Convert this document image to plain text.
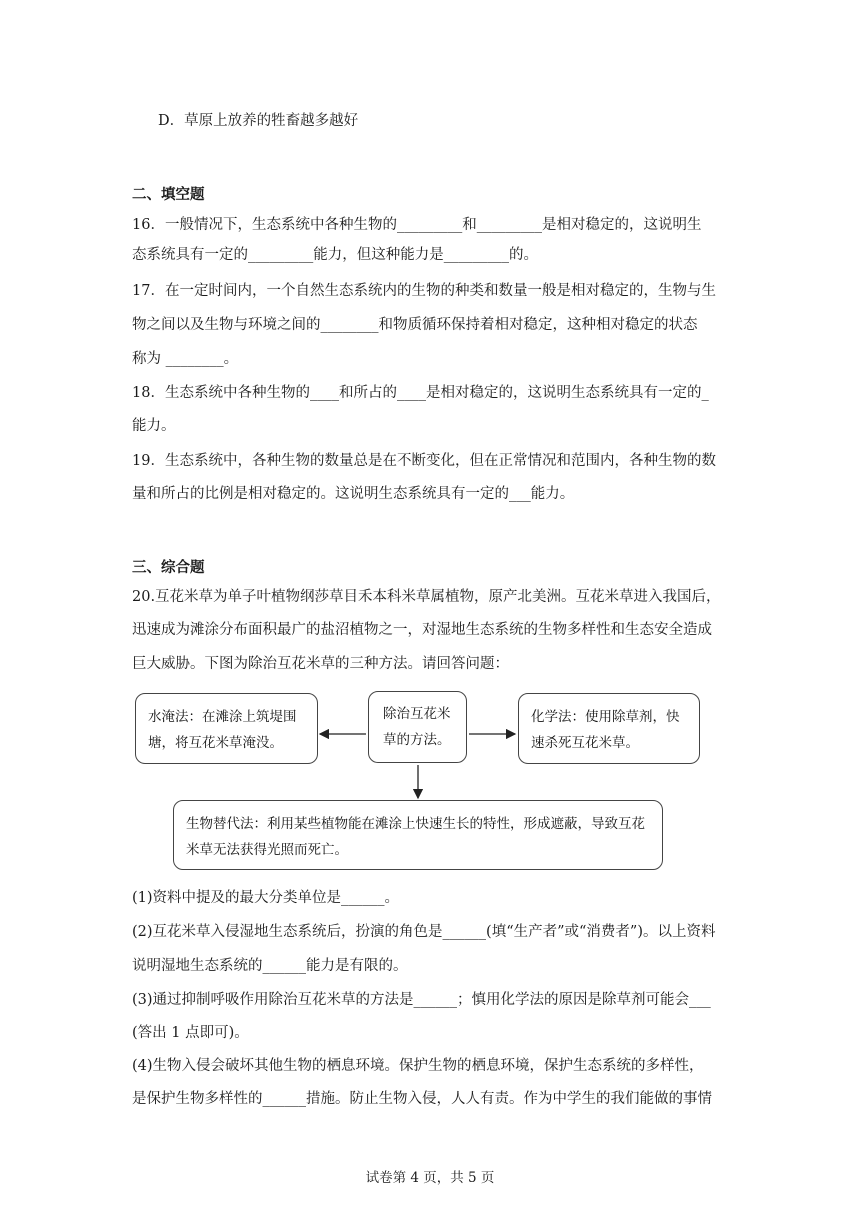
D．草原上放养的牲畜越多越好
二、填空题
16．一般情况下，生态系统中各种生物的_________和_________是相对稳定的，这说明生
态系统具有一定的_________能力，但这种能力是_________的。
17．在一定时间内，一个自然生态系统内的生物的种类和数量一般是相对稳定的，生物与生
物之间以及生物与环境之间的________和物质循环保持着相对稳定，这种相对稳定的状态
称为 ________。
18．生态系统中各种生物的____和所占的____是相对稳定的，这说明生态系统具有一定的_
能力。
19．生态系统中，各种生物的数量总是在不断变化，但在正常情况和范围内，各种生物的数
量和所占的比例是相对稳定的。这说明生态系统具有一定的___能力。
三、综合题
20.互花米草为单子叶植物纲莎草目禾本科米草属植物，原产北美洲。互花米草进入我国后，
迅速成为滩涂分布面积最广的盐沼植物之一，对湿地生态系统的生物多样性和生态安全造成
巨大威胁。下图为除治互花米草的三种方法。请回答问题：
除治互花米
草的方法。
水淹法：在滩涂上筑堤围
塘，将互花米草淹没。
化学法：使用除草剂，快
速杀死互花米草。
生物替代法：利用某些植物能在滩涂上快速生长的特性，形成遮蔽，导致互花
米草无法获得光照而死亡。
(1)资料中提及的最大分类单位是______。
(2)互花米草入侵湿地生态系统后，扮演的角色是______(填“生产者”或“消费者”)。以上资料
说明湿地生态系统的______能力是有限的。
(3)通过抑制呼吸作用除治互花米草的方法是______；慎用化学法的原因是除草剂可能会___
(答出 1 点即可)。
(4)生物入侵会破坏其他生物的栖息环境。保护生物的栖息环境，保护生态系统的多样性，
是保护生物多样性的______措施。防止生物入侵，人人有责。作为中学生的我们能做的事情
试卷第 4 页，共 5 页
